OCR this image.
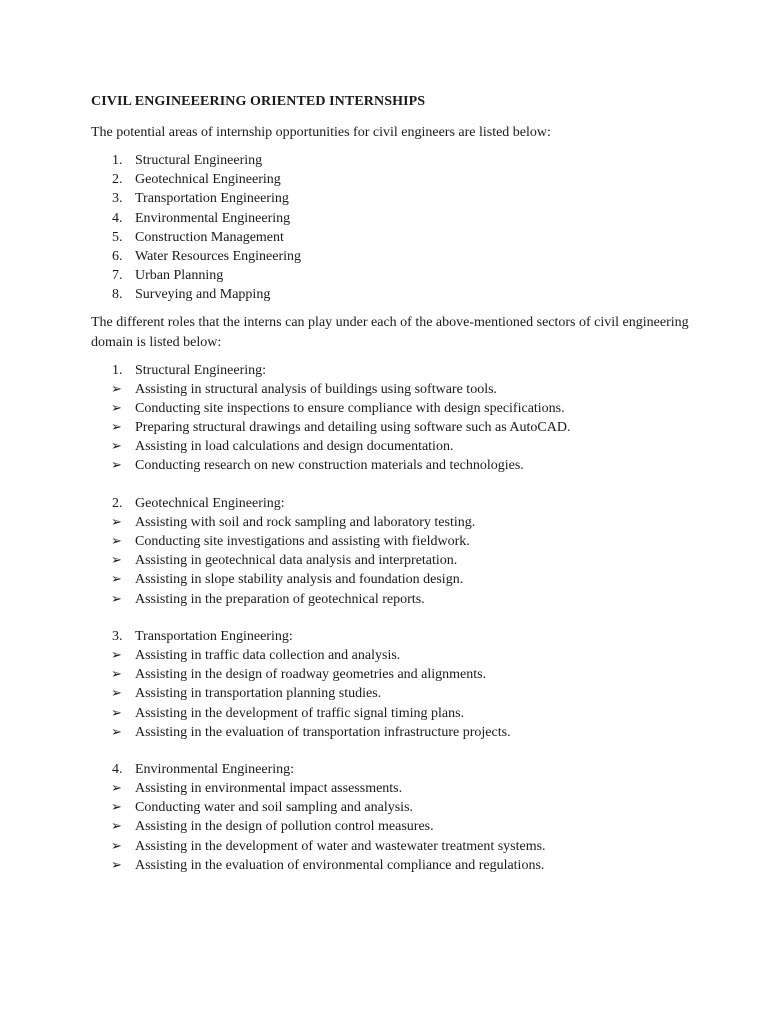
CIVIL ENGINEEERING ORIENTED INTERNSHIPS
The potential areas of internship opportunities for civil engineers are listed below:
1. Structural Engineering
2. Geotechnical Engineering
3. Transportation Engineering
4. Environmental Engineering
5. Construction Management
6. Water Resources Engineering
7. Urban Planning
8. Surveying and Mapping
The different roles that the interns can play under each of the above-mentioned sectors of civil engineering domain is listed below:
1. Structural Engineering:
➢ Assisting in structural analysis of buildings using software tools.
➢ Conducting site inspections to ensure compliance with design specifications.
➢ Preparing structural drawings and detailing using software such as AutoCAD.
➢ Assisting in load calculations and design documentation.
➢ Conducting research on new construction materials and technologies.
2. Geotechnical Engineering:
➢ Assisting with soil and rock sampling and laboratory testing.
➢ Conducting site investigations and assisting with fieldwork.
➢ Assisting in geotechnical data analysis and interpretation.
➢ Assisting in slope stability analysis and foundation design.
➢ Assisting in the preparation of geotechnical reports.
3. Transportation Engineering:
➢ Assisting in traffic data collection and analysis.
➢ Assisting in the design of roadway geometries and alignments.
➢ Assisting in transportation planning studies.
➢ Assisting in the development of traffic signal timing plans.
➢ Assisting in the evaluation of transportation infrastructure projects.
4. Environmental Engineering:
➢ Assisting in environmental impact assessments.
➢ Conducting water and soil sampling and analysis.
➢ Assisting in the design of pollution control measures.
➢ Assisting in the development of water and wastewater treatment systems.
➢ Assisting in the evaluation of environmental compliance and regulations.
